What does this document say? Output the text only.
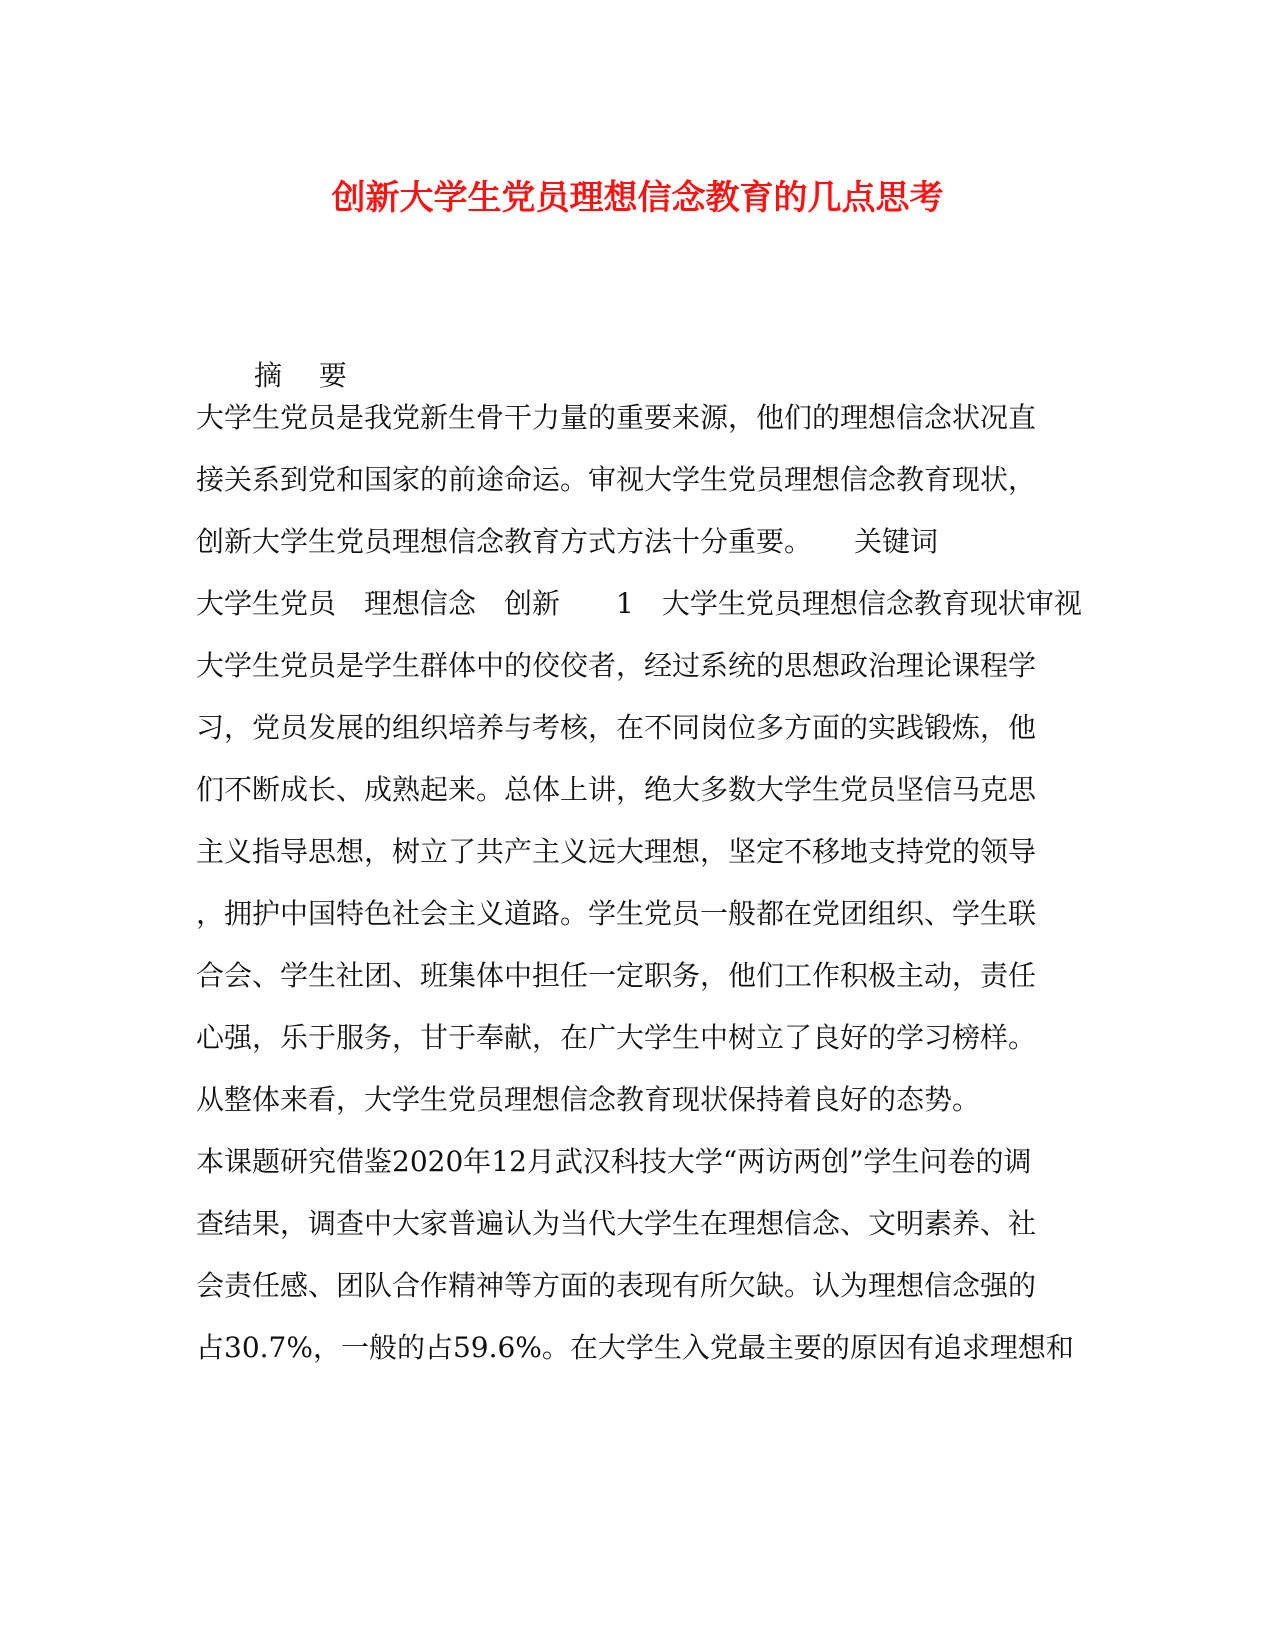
创新大学生党员理想信念教育的几点思考
摘 要
大学生党员是我党新生骨干力量的重要来源，他们的理想信念状况直
接关系到党和国家的前途命运。审视大学生党员理想信念教育现状，
创新大学生党员理想信念教育方式方法十分重要。　　关键词
大学生党员　理想信念　创新　　1　大学生党员理想信念教育现状审视
大学生党员是学生群体中的佼佼者，经过系统的思想政治理论课程学
习，党员发展的组织培养与考核，在不同岗位多方面的实践锻炼，他
们不断成长、成熟起来。总体上讲，绝大多数大学生党员坚信马克思
主义指导思想，树立了共产主义远大理想，坚定不移地支持党的领导
，拥护中国特色社会主义道路。学生党员一般都在党团组织、学生联
合会、学生社团、班集体中担任一定职务，他们工作积极主动，责任
心强，乐于服务，甘于奉献，在广大学生中树立了良好的学习榜样。
从整体来看，大学生党员理想信念教育现状保持着良好的态势。
本课题研究借鉴2020年12月武汉科技大学“两访两创”学生问卷的调
查结果，调查中大家普遍认为当代大学生在理想信念、文明素养、社
会责任感、团队合作精神等方面的表现有所欠缺。认为理想信念强的
占30.7%，一般的占59.6%。在大学生入党最主要的原因有追求理想和
